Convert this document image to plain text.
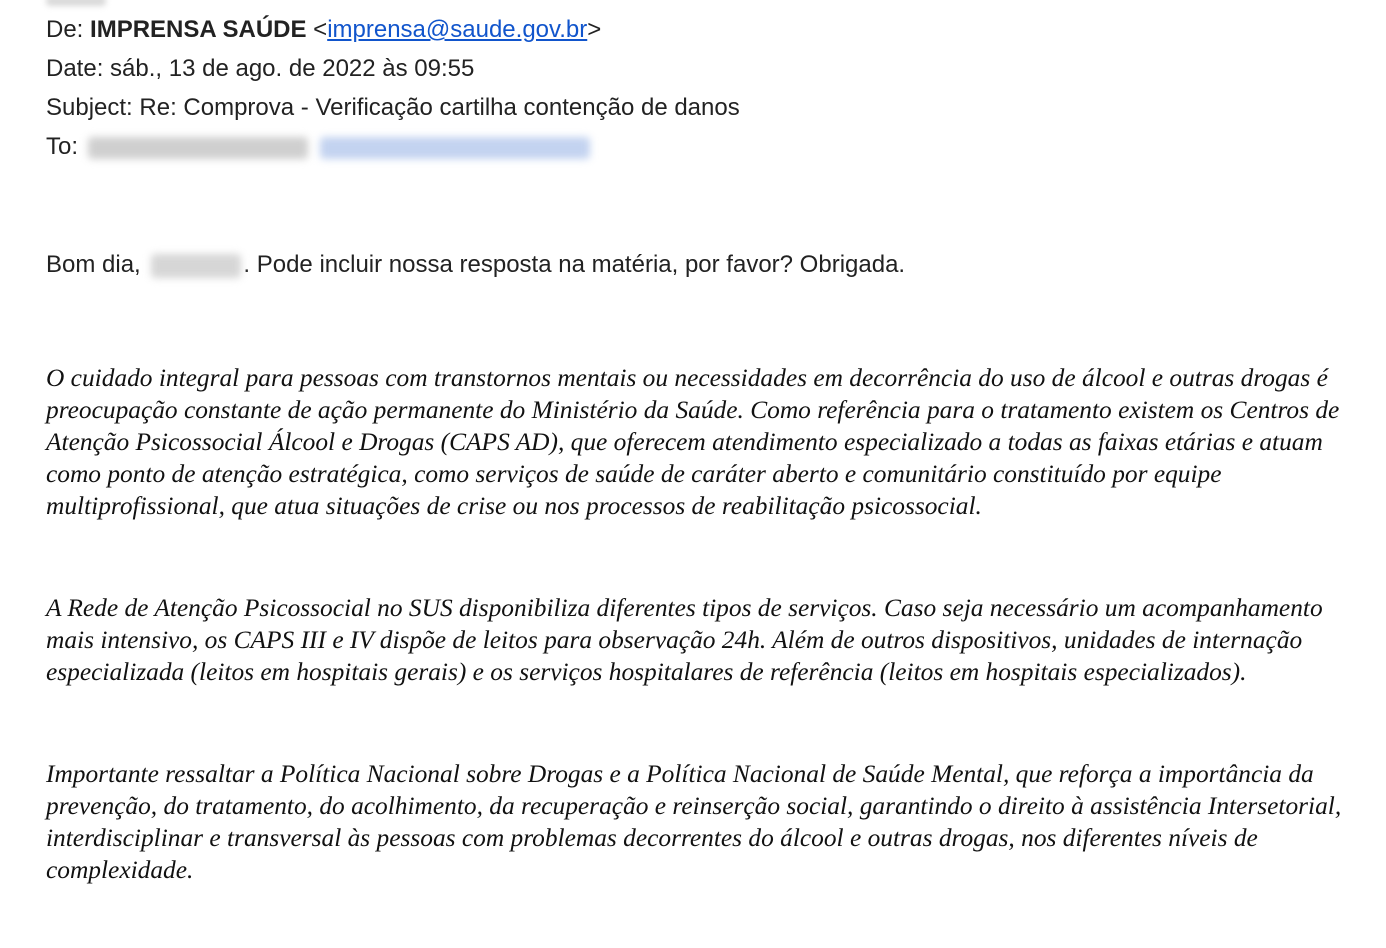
De: IMPRENSA SAÚDE <imprensa@saude.gov.br>
Date: sáb., 13 de ago. de 2022 às 09:55
Subject: Re: Comprova - Verificação cartilha contenção de danos
To:
Bom dia,	. Pode incluir nossa resposta na matéria, por favor? Obrigada.

O cuidado integral para pessoas com transtornos mentais ou necessidades em decorrência do uso de álcool e outras drogas é preocupação constante de ação permanente do Ministério da Saúde. Como referência para o tratamento existem os Centros de Atenção Psicossocial Álcool e Drogas (CAPS AD), que oferecem atendimento especializado a todas as faixas etárias e atuam como ponto de atenção estratégica, como serviços de saúde de caráter aberto e comunitário constituído por equipe multiprofissional, que atua situações de crise ou nos processos de reabilitação psicossocial.

A Rede de Atenção Psicossocial no SUS disponibiliza diferentes tipos de serviços. Caso seja necessário um acompanhamento mais intensivo, os CAPS III e IV dispõe de leitos para observação 24h. Além de outros dispositivos, unidades de internação especializada (leitos em hospitais gerais) e os serviços hospitalares de referência (leitos em hospitais especializados).

Importante ressaltar a Política Nacional sobre Drogas e a Política Nacional de Saúde Mental, que reforça a importância da prevenção, do tratamento, do acolhimento, da recuperação e reinserção social, garantindo o direito à assistência Intersetorial, interdisciplinar e transversal às pessoas com problemas decorrentes do álcool e outras drogas, nos diferentes níveis de complexidade.
